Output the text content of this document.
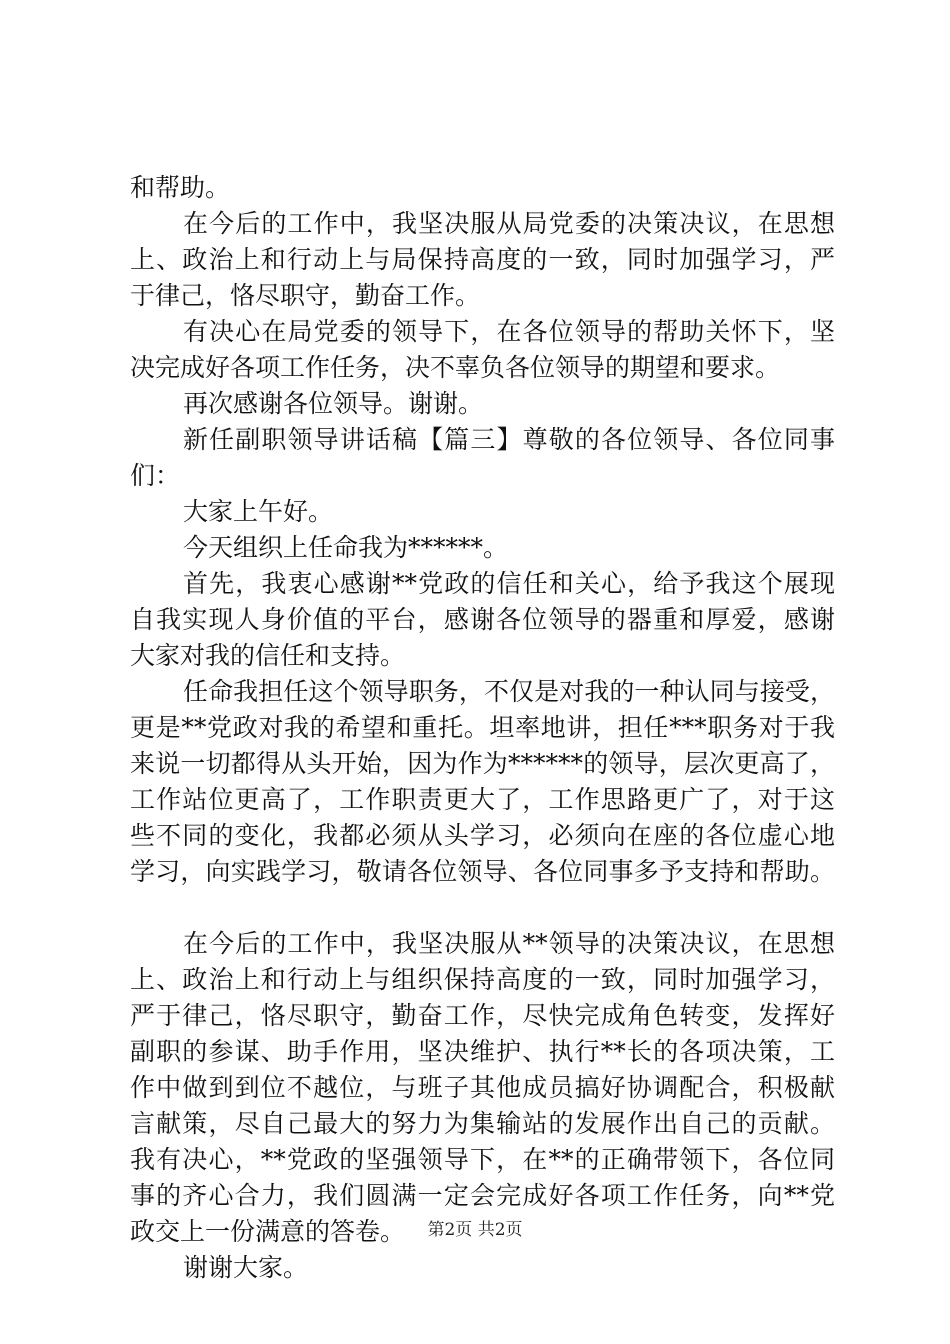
和帮助。
在今后的工作中，我坚决服从局党委的决策决议，在思想
上、政治上和行动上与局保持高度的一致，同时加强学习，严
于律己，恪尽职守，勤奋工作。
有决心在局党委的领导下，在各位领导的帮助关怀下，坚
决完成好各项工作任务，决不辜负各位领导的期望和要求。
再次感谢各位领导。谢谢。
新任副职领导讲话稿【篇三】尊敬的各位领导、各位同事
们：
大家上午好。
今天组织上任命我为******。
首先，我衷心感谢**党政的信任和关心，给予我这个展现
自我实现人身价值的平台，感谢各位领导的器重和厚爱，感谢
大家对我的信任和支持。
任命我担任这个领导职务，不仅是对我的一种认同与接受，
更是**党政对我的希望和重托。坦率地讲，担任***职务对于我
来说一切都得从头开始，因为作为******的领导，层次更高了，
工作站位更高了，工作职责更大了，工作思路更广了，对于这
些不同的变化，我都必须从头学习，必须向在座的各位虚心地
学习，向实践学习，敬请各位领导、各位同事多予支持和帮助。
在今后的工作中，我坚决服从**领导的决策决议，在思想
上、政治上和行动上与组织保持高度的一致，同时加强学习，
严于律己，恪尽职守，勤奋工作，尽快完成角色转变，发挥好
副职的参谋、助手作用，坚决维护、执行**长的各项决策，工
作中做到到位不越位，与班子其他成员搞好协调配合，积极献
言献策，尽自己最大的努力为集输站的发展作出自己的贡献。
我有决心，**党政的坚强领导下，在**的正确带领下，各位同
事的齐心合力，我们圆满一定会完成好各项工作任务，向**党
政交上一份满意的答卷。
谢谢大家。
第2页 共2页
